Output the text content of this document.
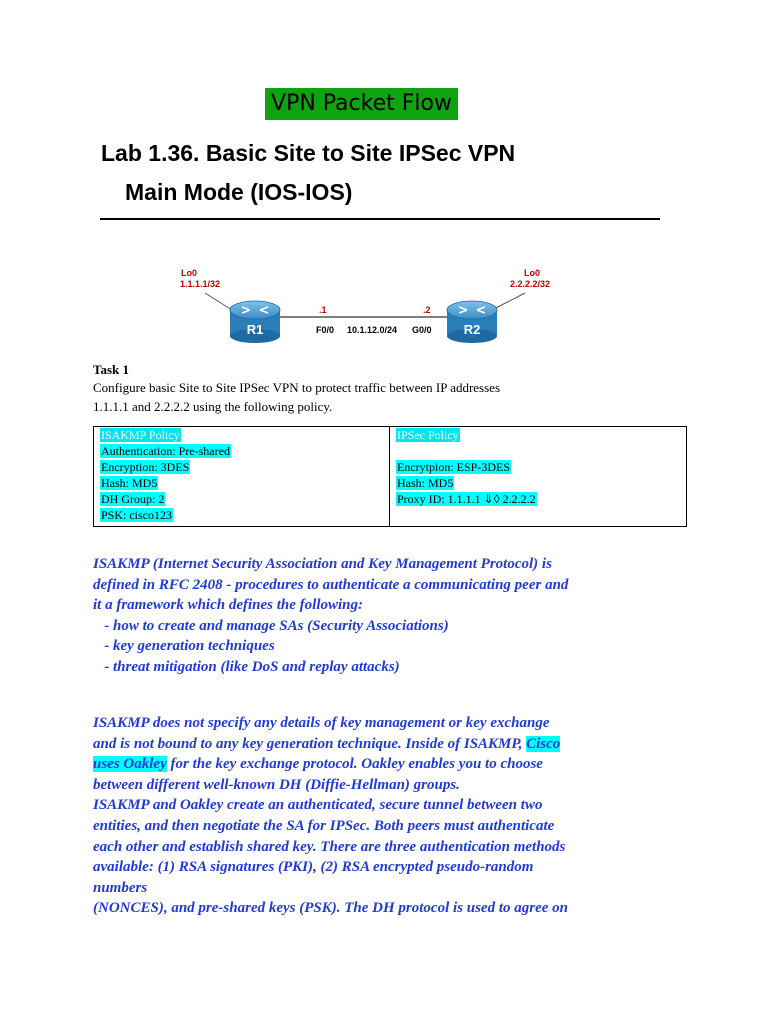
VPN Packet Flow
Lab 1.36. Basic Site to Site IPSec VPN
Main Mode (IOS-IOS)
R1	R2
Lo0
1.1.1.1/32
Lo0
2.2.2.2/32
.1	.2
F0/0 10.1.12.0/24 G0/0
Task 1
Configure basic Site to Site IPSec VPN to protect traffic between IP addresses
1.1.1.1 and 2.2.2.2 using the following policy.
ISAKMP Policy
Authentication: Pre-shared
Encryption: 3DES
Hash: MD5
DH Group: 2
PSK: cisco123
IPSec Policy
Encrytpion: ESP-3DES
Hash: MD5
Proxy ID: 1.1.1.1 ⇓◊ 2.2.2.2
ISAKMP (Internet Security Association and Key Management Protocol) is
defined in RFC 2408 - procedures to authenticate a communicating peer and
it a framework which defines the following:
- how to create and manage SAs (Security Associations)
- key generation techniques
- threat mitigation (like DoS and replay attacks)
ISAKMP does not specify any details of key management or key exchange
and is not bound to any key generation technique. Inside of ISAKMP, Cisco
uses Oakley for the key exchange protocol. Oakley enables you to choose
between different well-known DH (Diffie-Hellman) groups.
ISAKMP and Oakley create an authenticated, secure tunnel between two
entities, and then negotiate the SA for IPSec. Both peers must authenticate
each other and establish shared key. There are three authentication methods
available: (1) RSA signatures (PKI), (2) RSA encrypted pseudo-random
numbers
(NONCES), and pre-shared keys (PSK). The DH protocol is used to agree on
